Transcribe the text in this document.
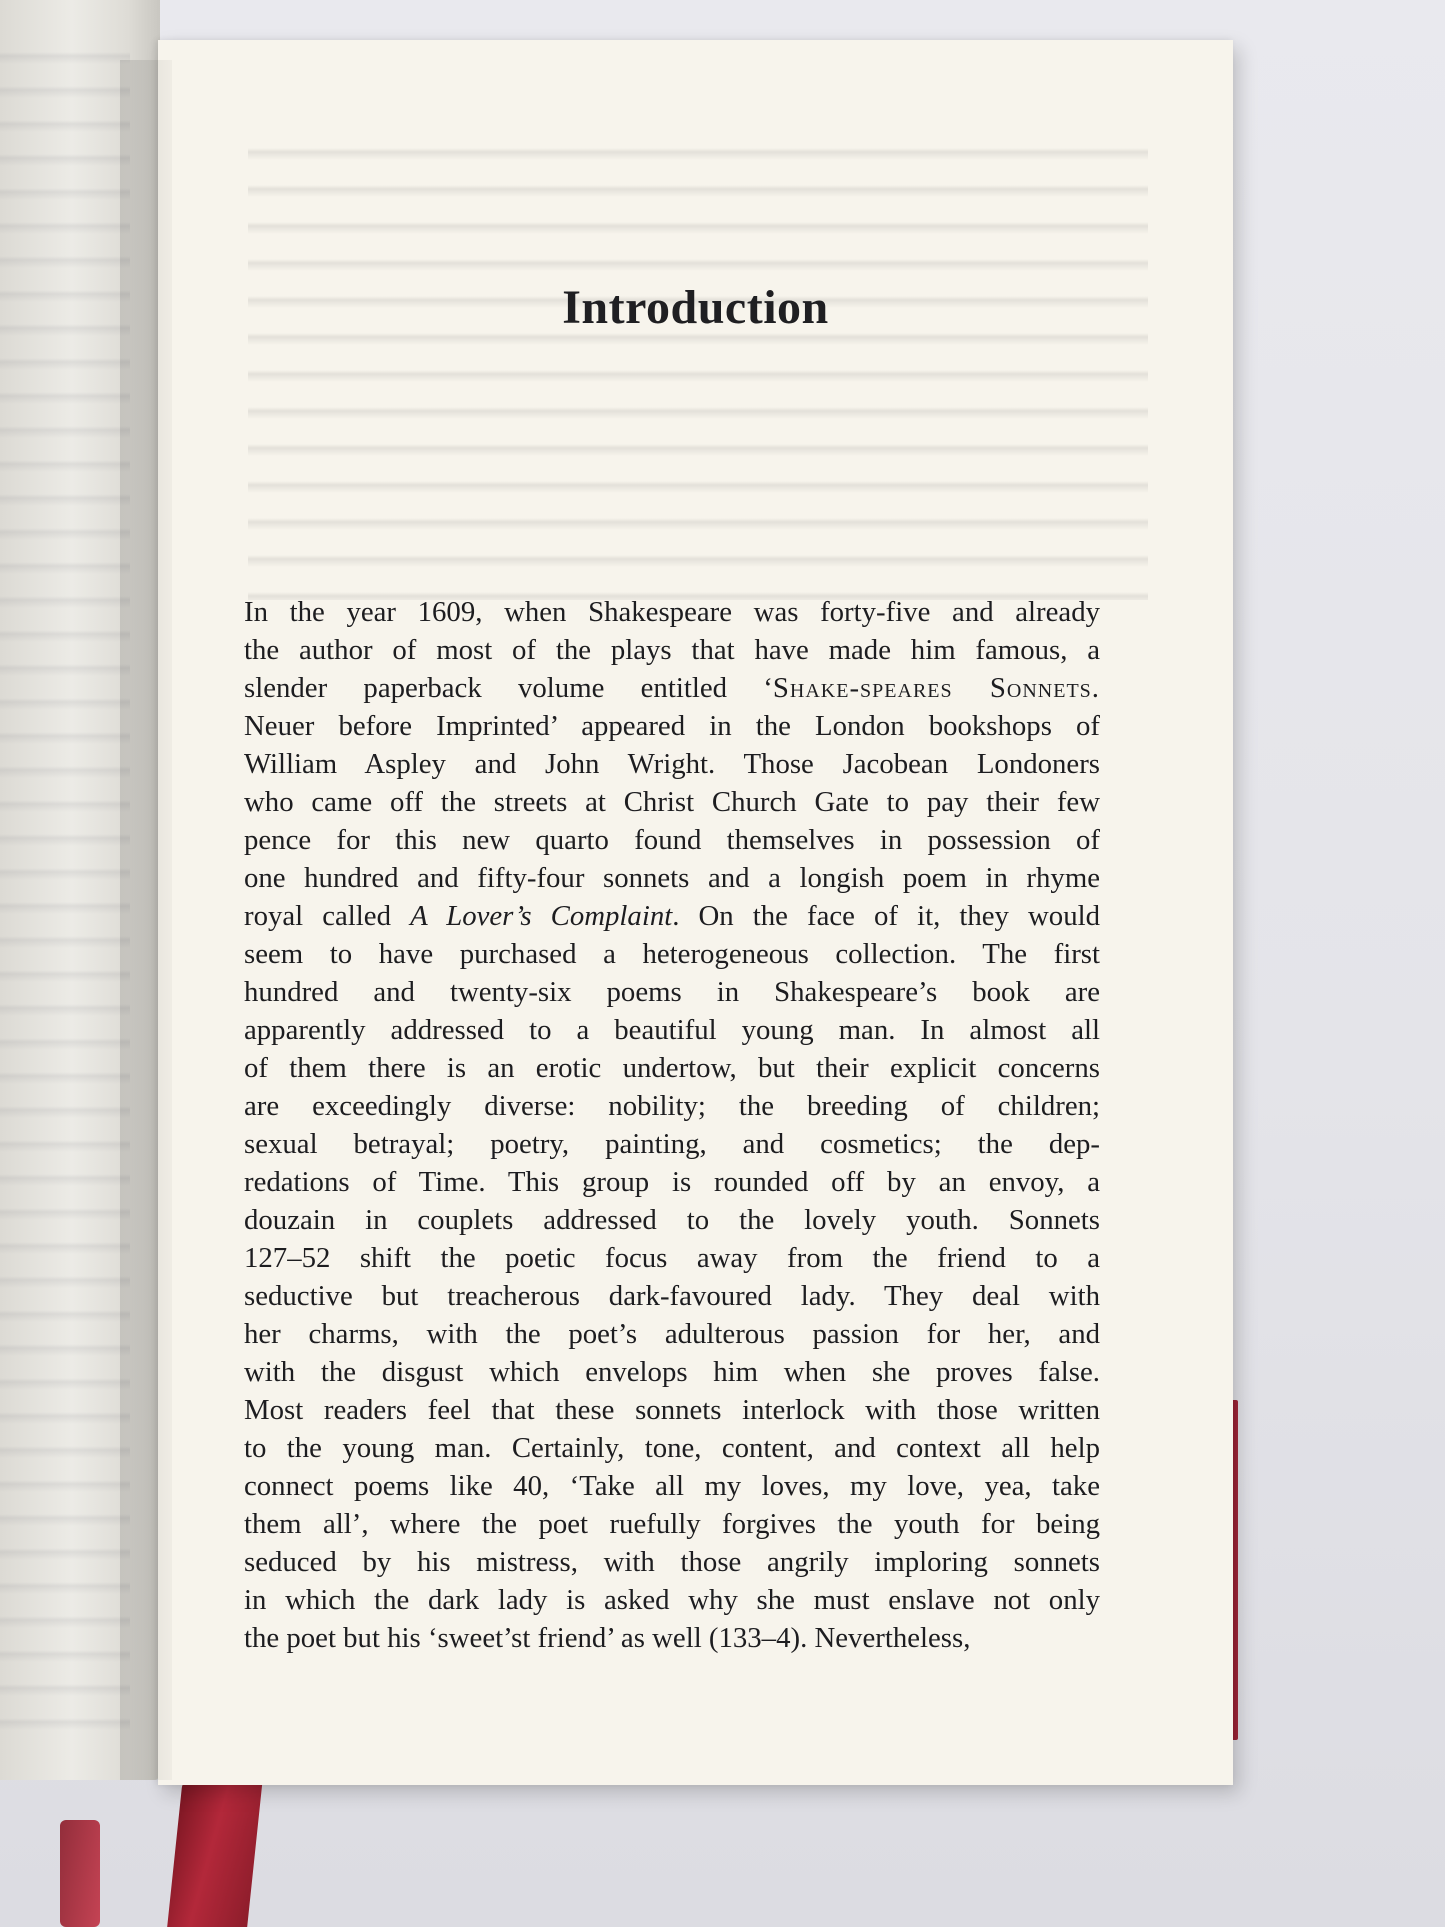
Introduction
In the year 1609, when Shakespeare was forty-five and already
the author of most of the plays that have made him famous, a
slender paperback volume entitled ‘Shake-speares Sonnets.
Neuer before Imprinted’ appeared in the London bookshops of
William Aspley and John Wright. Those Jacobean Londoners
who came off the streets at Christ Church Gate to pay their few
pence for this new quarto found themselves in possession of
one hundred and fifty-four sonnets and a longish poem in rhyme
royal called A Lover’s Complaint. On the face of it, they would
seem to have purchased a heterogeneous collection. The first
hundred and twenty-six poems in Shakespeare’s book are
apparently addressed to a beautiful young man. In almost all
of them there is an erotic undertow, but their explicit concerns
are exceedingly diverse: nobility; the breeding of children;
sexual betrayal; poetry, painting, and cosmetics; the dep-
redations of Time. This group is rounded off by an envoy, a
douzain in couplets addressed to the lovely youth. Sonnets
127–52 shift the poetic focus away from the friend to a
seductive but treacherous dark-favoured lady. They deal with
her charms, with the poet’s adulterous passion for her, and
with the disgust which envelops him when she proves false.
Most readers feel that these sonnets interlock with those written
to the young man. Certainly, tone, content, and context all help
connect poems like 40, ‘Take all my loves, my love, yea, take
them all’, where the poet ruefully forgives the youth for being
seduced by his mistress, with those angrily imploring sonnets
in which the dark lady is asked why she must enslave not only
the poet but his ‘sweet’st friend’ as well (133–4). Nevertheless,
